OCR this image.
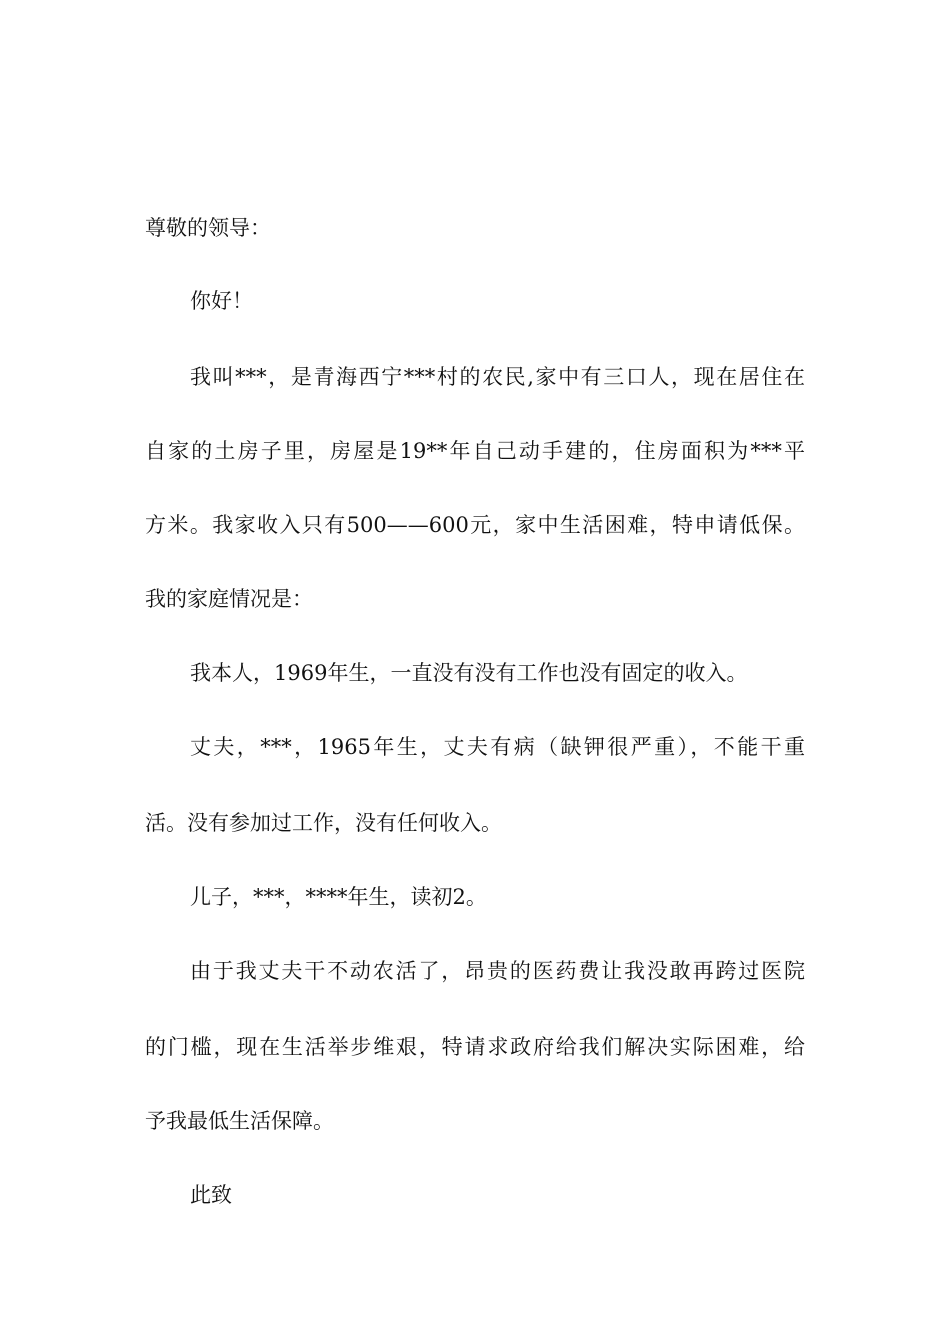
尊敬的领导：
你好！
我叫***，是青海西宁***村的农民,家中有三口人，现在居住在
自家的土房子里，房屋是19**年自己动手建的，住房面积为***平
方米。我家收入只有500——600元，家中生活困难，特申请低保。
我的家庭情况是：
我本人，1969年生，一直没有没有工作也没有固定的收入。
丈夫，***，1965年生，丈夫有病（缺钾很严重），不能干重
活。没有参加过工作，没有任何收入。
儿子，***，****年生，读初2。
由于我丈夫干不动农活了，昂贵的医药费让我没敢再跨过医院
的门槛，现在生活举步维艰，特请求政府给我们解决实际困难，给
予我最低生活保障。
此致
